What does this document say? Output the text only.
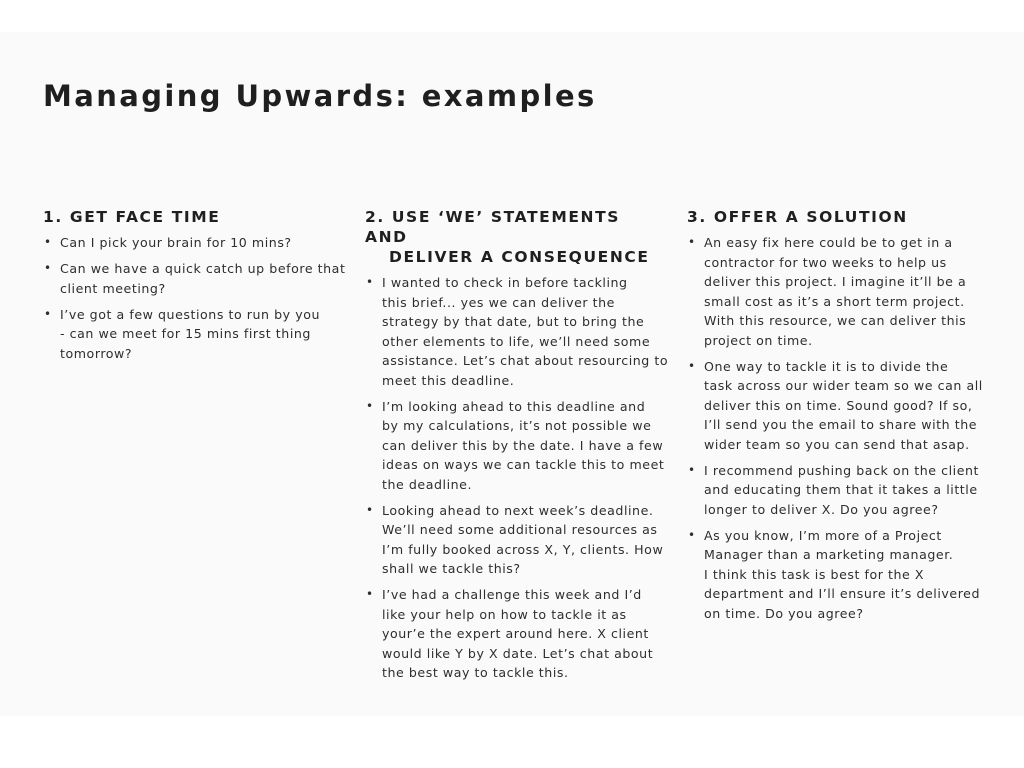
Managing Upwards: examples
1. GET FACE TIME
• Can I pick your brain for 10 mins?
• Can we have a quick catch up before that
client meeting?
• I’ve got a few questions to run by you
- can we meet for 15 mins first thing
tomorrow?
2. USE ‘WE’ STATEMENTS AND
DELIVER A CONSEQUENCE
• I wanted to check in before tackling
this brief... yes we can deliver the
strategy by that date, but to bring the
other elements to life, we’ll need some
assistance. Let’s chat about resourcing to
meet this deadline.
• I’m looking ahead to this deadline and
by my calculations, it’s not possible we
can deliver this by the date. I have a few
ideas on ways we can tackle this to meet
the deadline.
• Looking ahead to next week’s deadline.
We’ll need some additional resources as
I’m fully booked across X, Y, clients. How
shall we tackle this?
• I’ve had a challenge this week and I’d
like your help on how to tackle it as
your’e the expert around here. X client
would like Y by X date. Let’s chat about
the best way to tackle this.
3. OFFER A SOLUTION
• An easy fix here could be to get in a
contractor for two weeks to help us
deliver this project. I imagine it’ll be a
small cost as it’s a short term project.
With this resource, we can deliver this
project on time.
• One way to tackle it is to divide the
task across our wider team so we can all
deliver this on time. Sound good? If so,
I’ll send you the email to share with the
wider team so you can send that asap.
• I recommend pushing back on the client
and educating them that it takes a little
longer to deliver X. Do you agree?
• As you know, I’m more of a Project
Manager than a marketing manager.
I think this task is best for the X
department and I’ll ensure it’s delivered
on time. Do you agree?
